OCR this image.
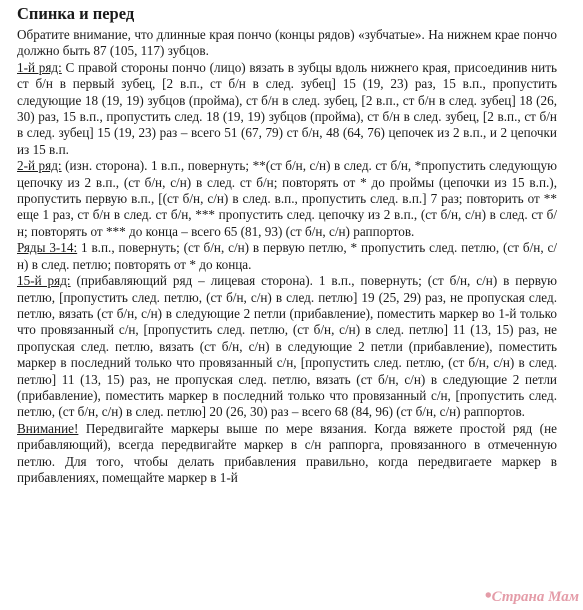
Спинка и перед

Обратите внимание, что длинные края пончо (концы рядов) «зубчатые». На нижнем крае пончо должно быть 87 (105, 117) зубцов.

1-й ряд: С правой стороны пончо (лицо) вязать в зубцы вдоль нижнего края, присоединив нить ст б/н в первый зубец, [2 в.п., ст б/н в след. зубец] 15 (19, 23) раз, 15 в.п., пропустить следующие 18 (19, 19) зубцов (пройма), ст б/н в след. зубец, [2 в.п., ст б/н в след. зубец] 18 (26, 30) раз, 15 в.п., пропустить след. 18 (19, 19) зубцов (пройма), ст б/н в след. зубец, [2 в.п., ст б/н в след. зубец] 15 (19, 23) раз – всего 51 (67, 79) ст б/н, 48 (64, 76) цепочек из 2 в.п., и 2 цепочки из 15 в.п.

2-й ряд: (изн. сторона). 1 в.п., повернуть; **(ст б/н, с/н) в след. ст б/н, *пропустить следующую цепочку из 2 в.п., (ст б/н, с/н) в след. ст б/н; повторять от * до проймы (цепочки из 15 в.п.), пропустить первую в.п., [(ст б/н, с/н) в след. в.п., пропустить след. в.п.] 7 раз; повторить от ** еще 1 раз, ст б/н в след. ст б/н, *** пропустить след. цепочку из 2 в.п., (ст б/н, с/н) в след. ст б/н; повторять от *** до конца – всего 65 (81, 93) (ст б/н, с/н) раппортов.

Ряды 3-14: 1 в.п., повернуть; (ст б/н, с/н) в первую петлю, * пропустить след. петлю, (ст б/н, с/н) в след. петлю; повторять от * до конца.

15-й ряд: (прибавляющий ряд – лицевая сторона). 1 в.п., повернуть; (ст б/н, с/н) в первую петлю, [пропустить след. петлю, (ст б/н, с/н) в след. петлю] 19 (25, 29) раз, не пропуская след. петлю, вязать (ст б/н, с/н) в следующие 2 петли (прибавление), поместить маркер во 1-й только что провязанный с/н, [пропустить след. петлю, (ст б/н, с/н) в след. петлю] 11 (13, 15) раз, не пропуская след. петлю, вязать (ст б/н, с/н) в следующие 2 петли (прибавление), поместить маркер в последний только что провязанный с/н, [пропустить след. петлю, (ст б/н, с/н) в след. петлю] 11 (13, 15) раз, не пропуская след. петлю, вязать (ст б/н, с/н) в следующие 2 петли (прибавление), поместить маркер в последний только что провязанный с/н, [пропустить след. петлю, (ст б/н, с/н) в след. петлю] 20 (26, 30) раз – всего 68 (84, 96) (ст б/н, с/н) раппортов.

Внимание! Передвигайте маркеры выше по мере вязания. Когда вяжете простой ряд (не прибавляющий), всегда передвигайте маркер в с/н раппорга, провязанного в отмеченную петлю. Для того, чтобы делать прибавления правильно, когда передвигаете маркер в прибавлениях, помещайте маркер в 1-й

•Страна Мам
